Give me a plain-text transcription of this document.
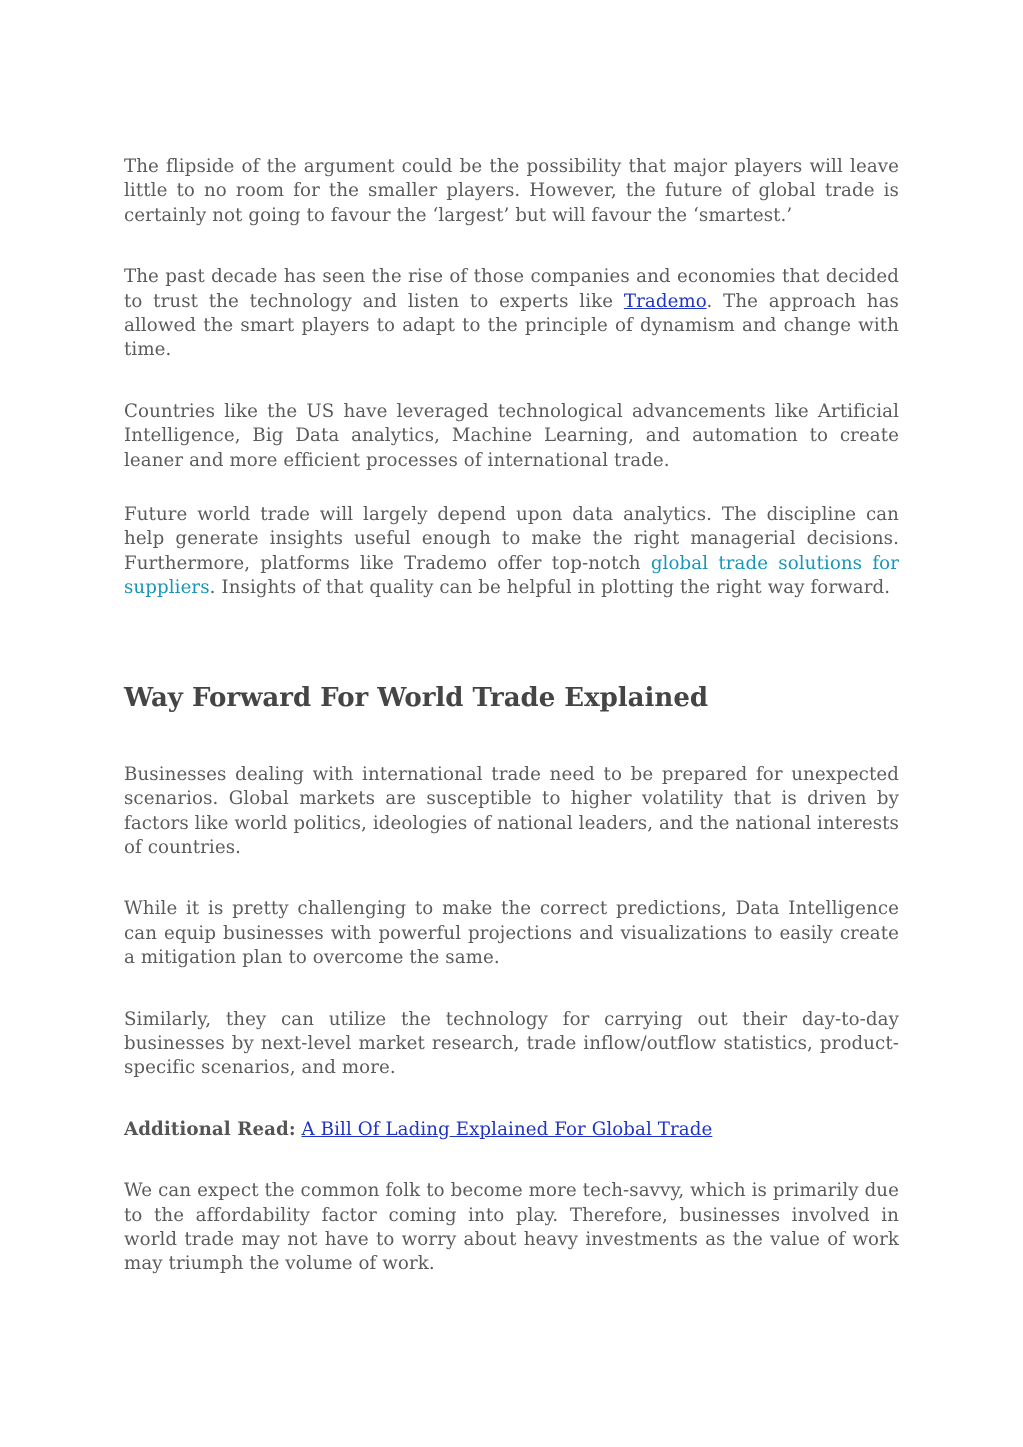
The flipside of the argument could be the possibility that major players will leave little to no room for the smaller players. However, the future of global trade is certainly not going to favour the ‘largest’ but will favour the ‘smartest.’

The past decade has seen the rise of those companies and economies that decided to trust the technology and listen to experts like Trademo. The approach has allowed the smart players to adapt to the principle of dynamism and change with time.

Countries like the US have leveraged technological advancements like Artificial Intelligence, Big Data analytics, Machine Learning, and automation to create leaner and more efficient processes of international trade.

Future world trade will largely depend upon data analytics. The discipline can help generate insights useful enough to make the right managerial decisions. Furthermore, platforms like Trademo offer top-notch global trade solutions for suppliers. Insights of that quality can be helpful in plotting the right way forward.

Way Forward For World Trade Explained

Businesses dealing with international trade need to be prepared for unexpected scenarios. Global markets are susceptible to higher volatility that is driven by factors like world politics, ideologies of national leaders, and the national interests of countries.

While it is pretty challenging to make the correct predictions, Data Intelligence can equip businesses with powerful projections and visualizations to easily create a mitigation plan to overcome the same.

Similarly, they can utilize the technology for carrying out their day-to-day businesses by next-level market research, trade inflow/outflow statistics, product-specific scenarios, and more.

Additional Read: A Bill Of Lading Explained For Global Trade

We can expect the common folk to become more tech-savvy, which is primarily due to the affordability factor coming into play. Therefore, businesses involved in world trade may not have to worry about heavy investments as the value of work may triumph the volume of work.
